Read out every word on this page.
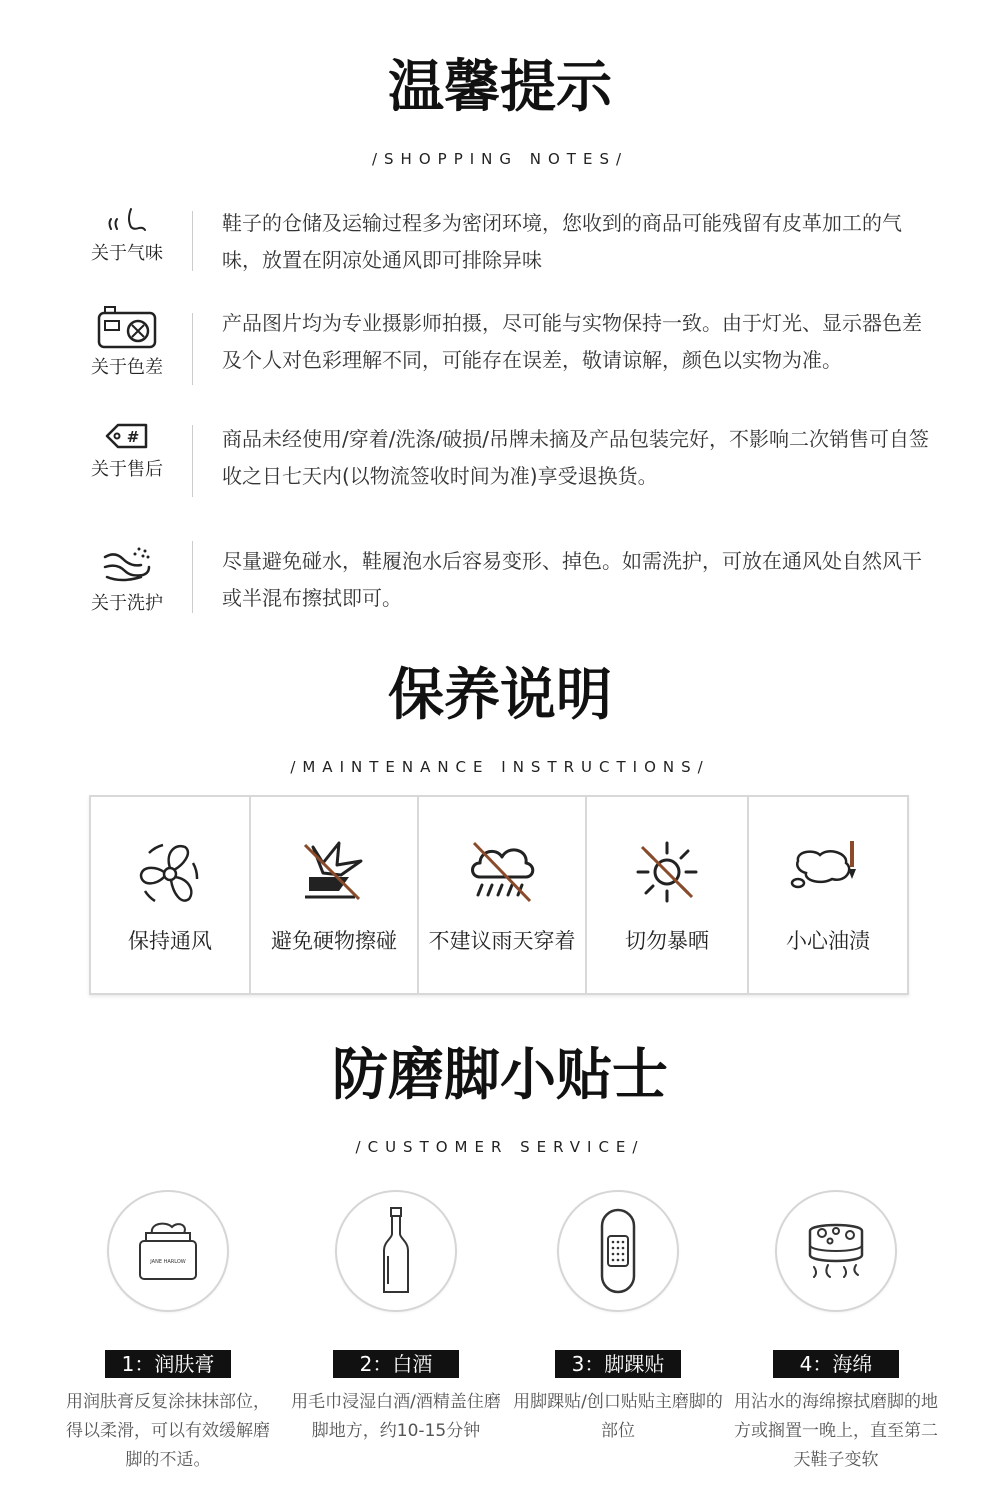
温馨提示
/SHOPPING NOTES/
关于气味
鞋子的仓储及运输过程多为密闭环境，您收到的商品可能残留有皮革加工的气味，放置在阴凉处通风即可排除异味
关于色差
产品图片均为专业摄影师拍摄，尽可能与实物保持一致。由于灯光、显示器色差及个人对色彩理解不同，可能存在误差，敬请谅解，颜色以实物为准。
#
关于售后
商品未经使用/穿着/洗涤/破损/吊牌未摘及产品包装完好，不影响二次销售可自签收之日七天内(以物流签收时间为准)享受退换货。
关于洗护
尽量避免碰水，鞋履泡水后容易变形、掉色。如需洗护，可放在通风处自然风干或半混布擦拭即可。
保养说明
/MAINTENANCE INSTRUCTIONS/
保持通风	避免硬物擦碰	不建议雨天穿着	切勿暴晒	小心油渍
防磨脚小贴士
/CUSTOMER SERVICE/
JANE HARLOW
1：润肤膏
用润肤膏反复涂抹抹部位，得以柔滑，可以有效缓解磨脚的不适。
2：白酒
用毛巾浸湿白酒/酒精盖住磨脚地方，约10-15分钟
3：脚踝贴
用脚踝贴/创口贴贴主磨脚的部位
4：海绵
用沾水的海绵擦拭磨脚的地方或搁置一晚上，直至第二天鞋子变软
